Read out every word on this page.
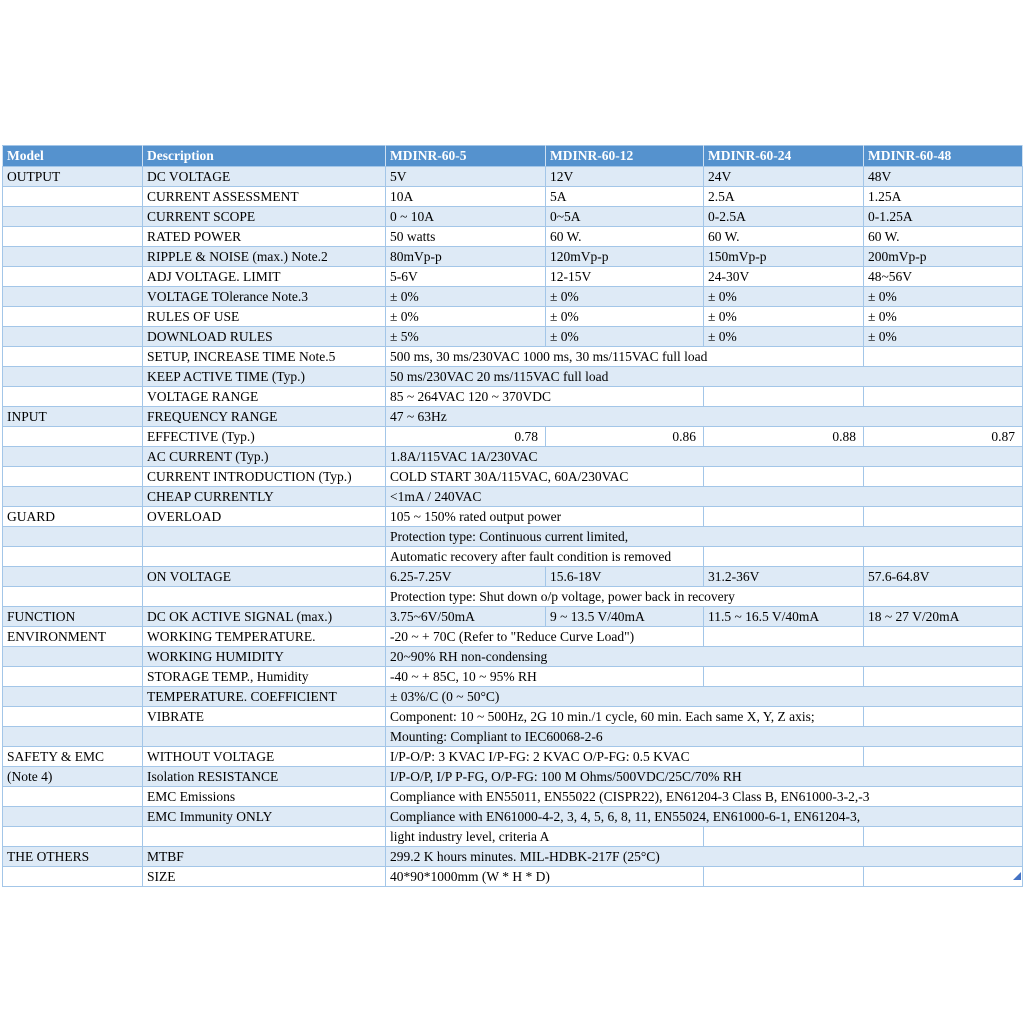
Model	Description	MDINR-60-5	MDINR-60-12	MDINR-60-24	MDINR-60-48
OUTPUT	DC VOLTAGE	5V	12V	24V	48V
	CURRENT ASSESSMENT	10A	5A	2.5A	1.25A
	CURRENT SCOPE	0 ~ 10A	0~5A	0-2.5A	0-1.25A
	RATED POWER	50 watts	60 W.	60 W.	60 W.
	RIPPLE & NOISE (max.) Note.2	80mVp-p	120mVp-p	150mVp-p	200mVp-p
	ADJ VOLTAGE. LIMIT	5-6V	12-15V	24-30V	48~56V
	VOLTAGE TOlerance Note.3	± 0%	± 0%	± 0%	± 0%
	RULES OF USE	± 0%	± 0%	± 0%	± 0%
	DOWNLOAD RULES	± 5%	± 0%	± 0%	± 0%
	SETUP, INCREASE TIME Note.5	500 ms, 30 ms/230VAC 1000 ms, 30 ms/115VAC full load			
	KEEP ACTIVE TIME (Typ.)	50 ms/230VAC 20 ms/115VAC full load			
	VOLTAGE RANGE	85 ~ 264VAC 120 ~ 370VDC			
INPUT	FREQUENCY RANGE	47 ~ 63Hz			
	EFFECTIVE (Typ.)	0.78	0.86	0.88	0.87
	AC CURRENT (Typ.)	1.8A/115VAC 1A/230VAC			
	CURRENT INTRODUCTION (Typ.)	COLD START 30A/115VAC, 60A/230VAC			
	CHEAP CURRENTLY	<1mA / 240VAC			
GUARD	OVERLOAD	105 ~ 150% rated output power			
		Protection type: Continuous current limited,			
		Automatic recovery after fault condition is removed			
	ON VOLTAGE	6.25-7.25V	15.6-18V	31.2-36V	57.6-64.8V
		Protection type: Shut down o/p voltage, power back in recovery			
FUNCTION	DC OK ACTIVE SIGNAL (max.)	3.75~6V/50mA	9 ~ 13.5 V/40mA	11.5 ~ 16.5 V/40mA	18 ~ 27 V/20mA
ENVIRONMENT	WORKING TEMPERATURE.	-20 ~ + 70C (Refer to "Reduce Curve Load")			
	WORKING HUMIDITY	20~90% RH non-condensing			
	STORAGE TEMP., Humidity	-40 ~ + 85C, 10 ~ 95% RH			
	TEMPERATURE. COEFFICIENT	± 03%/C (0 ~ 50°C)			
	VIBRATE	Component: 10 ~ 500Hz, 2G 10 min./1 cycle, 60 min. Each same X, Y, Z axis;			
		Mounting: Compliant to IEC60068-2-6			
SAFETY & EMC	WITHOUT VOLTAGE	I/P-O/P: 3 KVAC I/P-FG: 2 KVAC O/P-FG: 0.5 KVAC			
(Note 4)	Isolation RESISTANCE	I/P-O/P, I/P P-FG, O/P-FG: 100 M Ohms/500VDC/25C/70% RH			
	EMC Emissions	Compliance with EN55011, EN55022 (CISPR22), EN61204-3 Class B, EN61000-3-2,-3			
	EMC Immunity ONLY	Compliance with EN61000-4-2, 3, 4, 5, 6, 8, 11, EN55024, EN61000-6-1, EN61204-3,			
		light industry level, criteria A			
THE OTHERS	MTBF	299.2 K hours minutes. MIL-HDBK-217F (25°C)			
	SIZE	40*90*1000mm (W * H * D)			
